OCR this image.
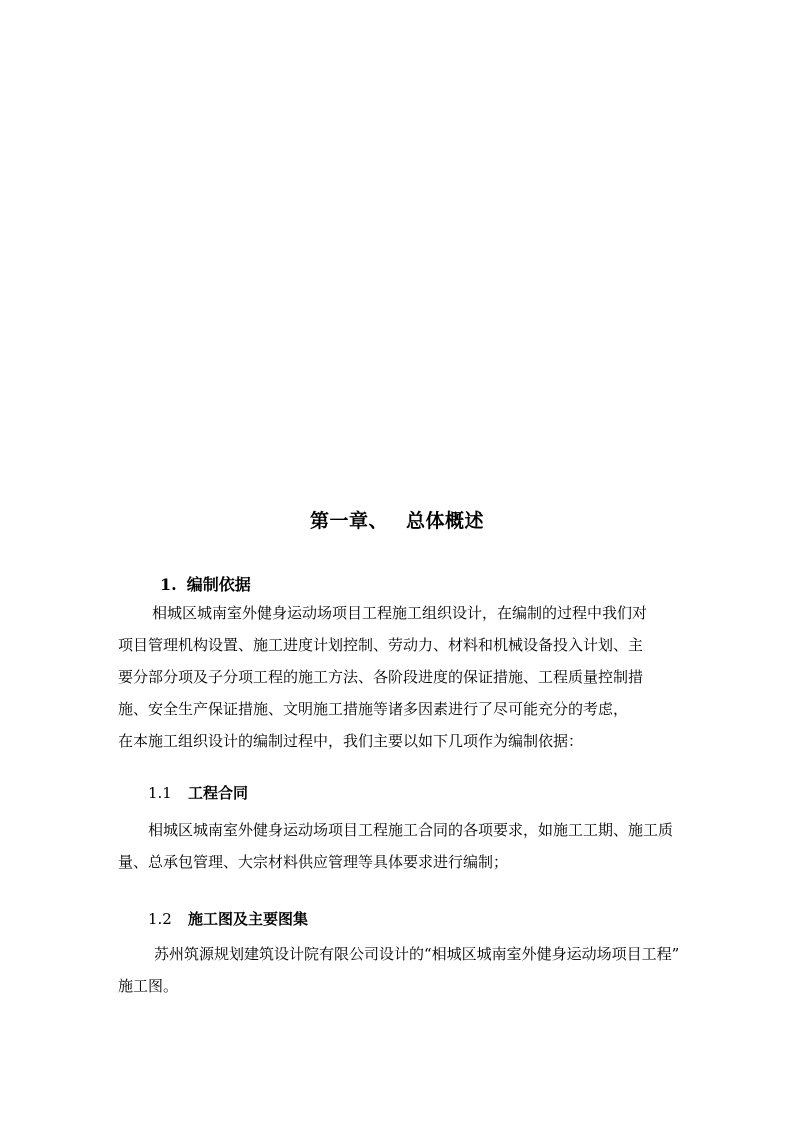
第一章、 总体概述
1. 编制依据

相城区城南室外健身运动场项目工程施工组织设计，在编制的过程中我们对
项目管理机构设置、施工进度计划控制、劳动力、材料和机械设备投入计划、主
要分部分项及子分项工程的施工方法、各阶段进度的保证措施、工程质量控制措
施、安全生产保证措施、文明施工措施等诸多因素进行了尽可能充分的考虑，
在本施工组织设计的编制过程中，我们主要以如下几项作为编制依据：

1.1 工程合同

相城区城南室外健身运动场项目工程施工合同的各项要求，如施工工期、施工质
量、总承包管理、大宗材料供应管理等具体要求进行编制；

1.2 施工图及主要图集

苏州筑源规划建筑设计院有限公司设计的“相城区城南室外健身运动场项目工程”
施工图。
